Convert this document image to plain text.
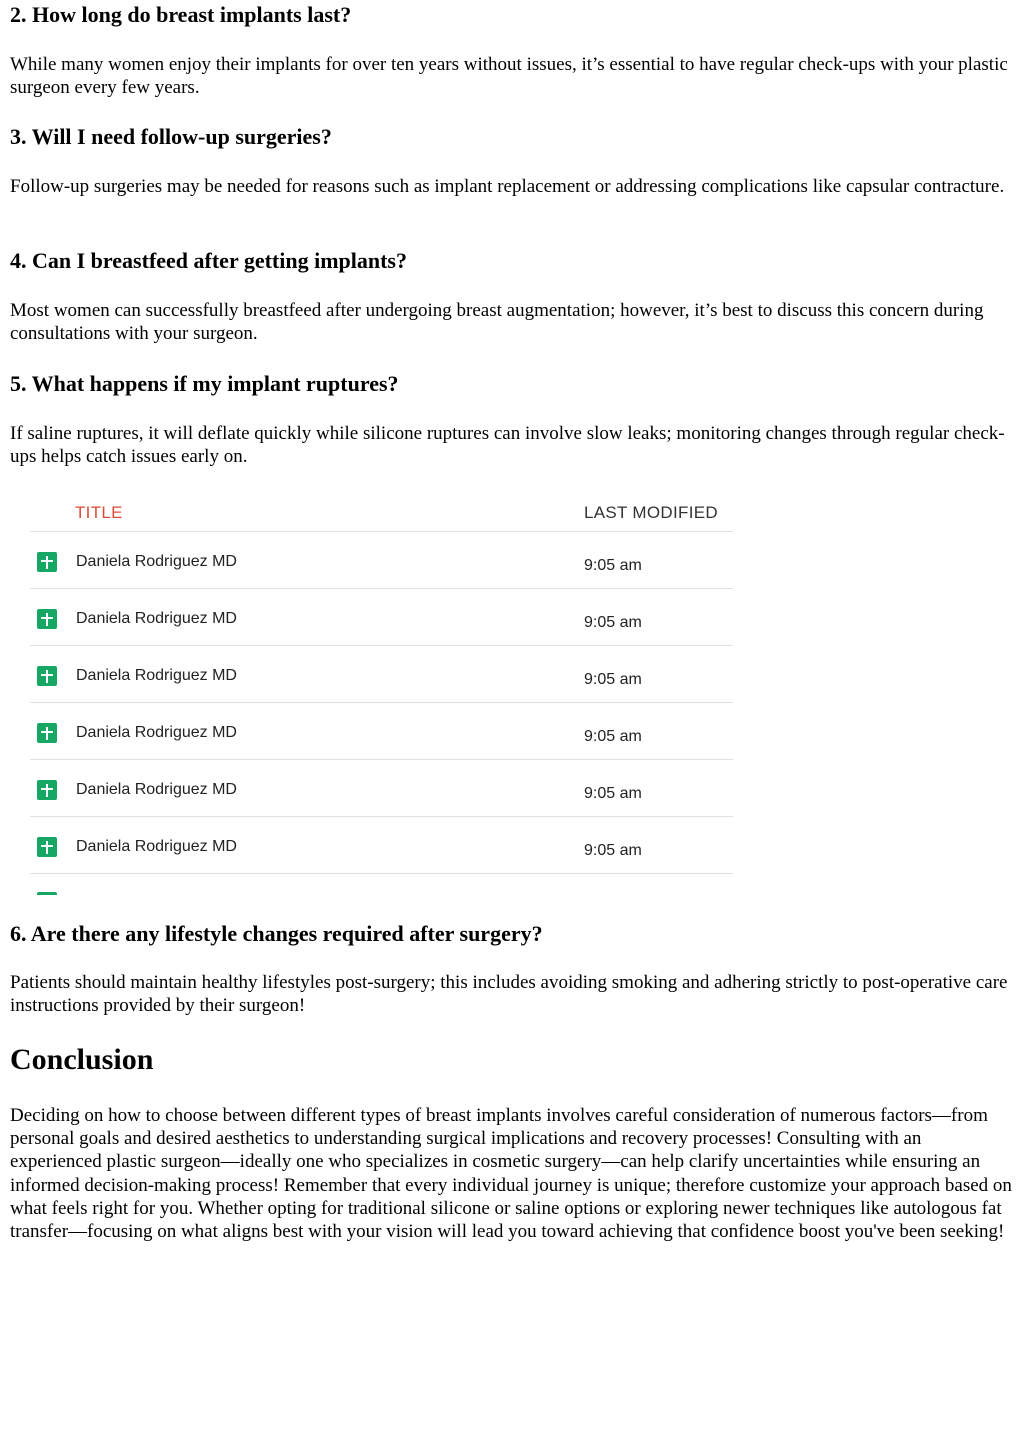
2. How long do breast implants last?

While many women enjoy their implants for over ten years without issues, it’s essential to have regular check-ups with your plastic surgeon every few years.

3. Will I need follow-up surgeries?

Follow-up surgeries may be needed for reasons such as implant replacement or addressing complications like capsular contracture.

4. Can I breastfeed after getting implants?

Most women can successfully breastfeed after undergoing breast augmentation; however, it’s best to discuss this concern during consultations with your surgeon.

5. What happens if my implant ruptures?

If saline ruptures, it will deflate quickly while silicone ruptures can involve slow leaks; monitoring changes through regular check-ups helps catch issues early on.

TITLE	LAST MODIFIED
Daniela Rodriguez MD	9:05 am
Daniela Rodriguez MD	9:05 am
Daniela Rodriguez MD	9:05 am
Daniela Rodriguez MD	9:05 am
Daniela Rodriguez MD	9:05 am
Daniela Rodriguez MD	9:05 am
6. Are there any lifestyle changes required after surgery?

Patients should maintain healthy lifestyles post-surgery; this includes avoiding smoking and adhering strictly to post-operative care instructions provided by their surgeon!

Conclusion

Deciding on how to choose between different types of breast implants involves careful consideration of numerous factors—from personal goals and desired aesthetics to understanding surgical implications and recovery processes! Consulting with an experienced plastic surgeon—ideally one who specializes in cosmetic surgery—can help clarify uncertainties while ensuring an informed decision-making process! Remember that every individual journey is unique; therefore customize your approach based on what feels right for you. Whether opting for traditional silicone or saline options or exploring newer techniques like autologous fat transfer—focusing on what aligns best with your vision will lead you toward achieving that confidence boost you've been seeking!
